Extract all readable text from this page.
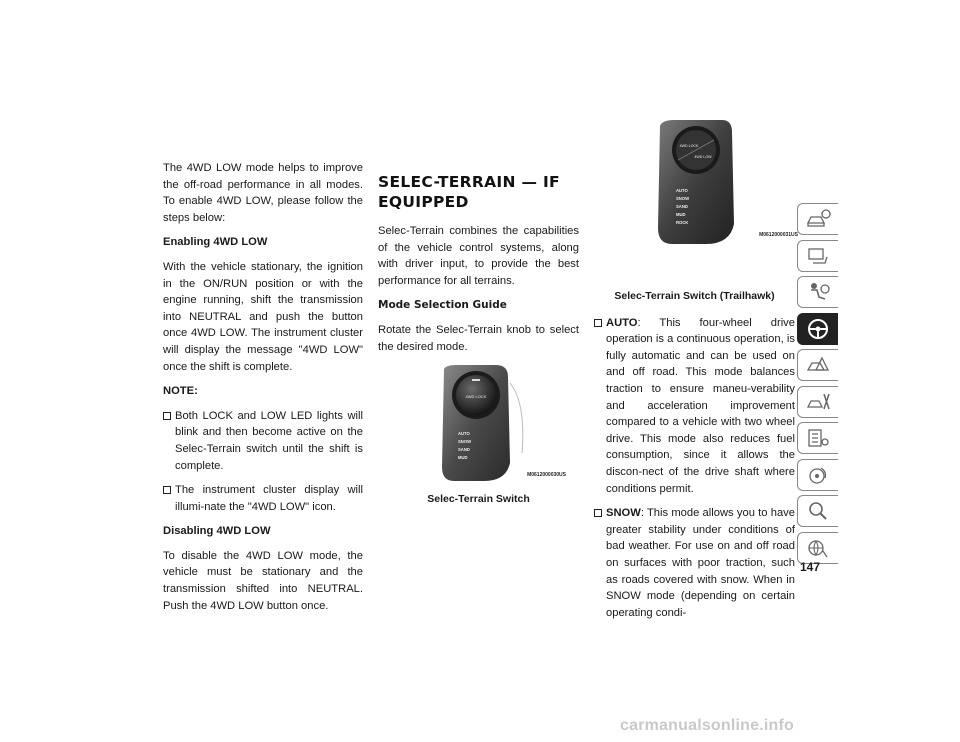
The 4WD LOW mode helps to improve the off-road performance in all modes. To enable 4WD LOW, please follow the steps below:

Enabling 4WD LOW

With the vehicle stationary, the ignition in the ON/RUN position or with the engine running, shift the transmission into NEUTRAL and push the button once 4WD LOW. The instrument cluster will display the message "4WD LOW" once the shift is complete.

NOTE:
Both LOCK and LOW LED lights will blink and then become active on the Selec-Terrain switch until the shift is complete.
The instrument cluster display will illumi-nate the "4WD LOW" icon.
Disabling 4WD LOW

To disable the 4WD LOW mode, the vehicle must be stationary and the transmission shifted into NEUTRAL. Push the 4WD LOW button once.

SELEC-TERRAIN — IF EQUIPPED

Selec-Terrain combines the capabilities of the vehicle control systems, along with driver input, to provide the best performance for all terrains.

Mode Selection Guide

Rotate the Selec-Terrain knob to select the desired mode.

4WD LOCK
AUTO
SNOW
SAND
MUD
M0612000030US
Selec-Terrain Switch
4WD LOCK
4WD LOW
AUTO
SNOW
SAND
MUD
ROCK
M0612000031US
Selec-Terrain Switch (Trailhawk)
AUTO: This four-wheel drive operation is a continuous operation, is fully automatic and can be used on and off road. This mode balances traction to ensure maneu-verability and acceleration improvement compared to a vehicle with two wheel drive. This mode also reduces fuel consumption, since it allows the discon-nect of the drive shaft where conditions permit.
SNOW: This mode allows you to have greater stability under conditions of bad weather. For use on and off road on surfaces with poor traction, such as roads covered with snow. When in SNOW mode (depending on certain operating condi-
147
carmanualsonline.info
